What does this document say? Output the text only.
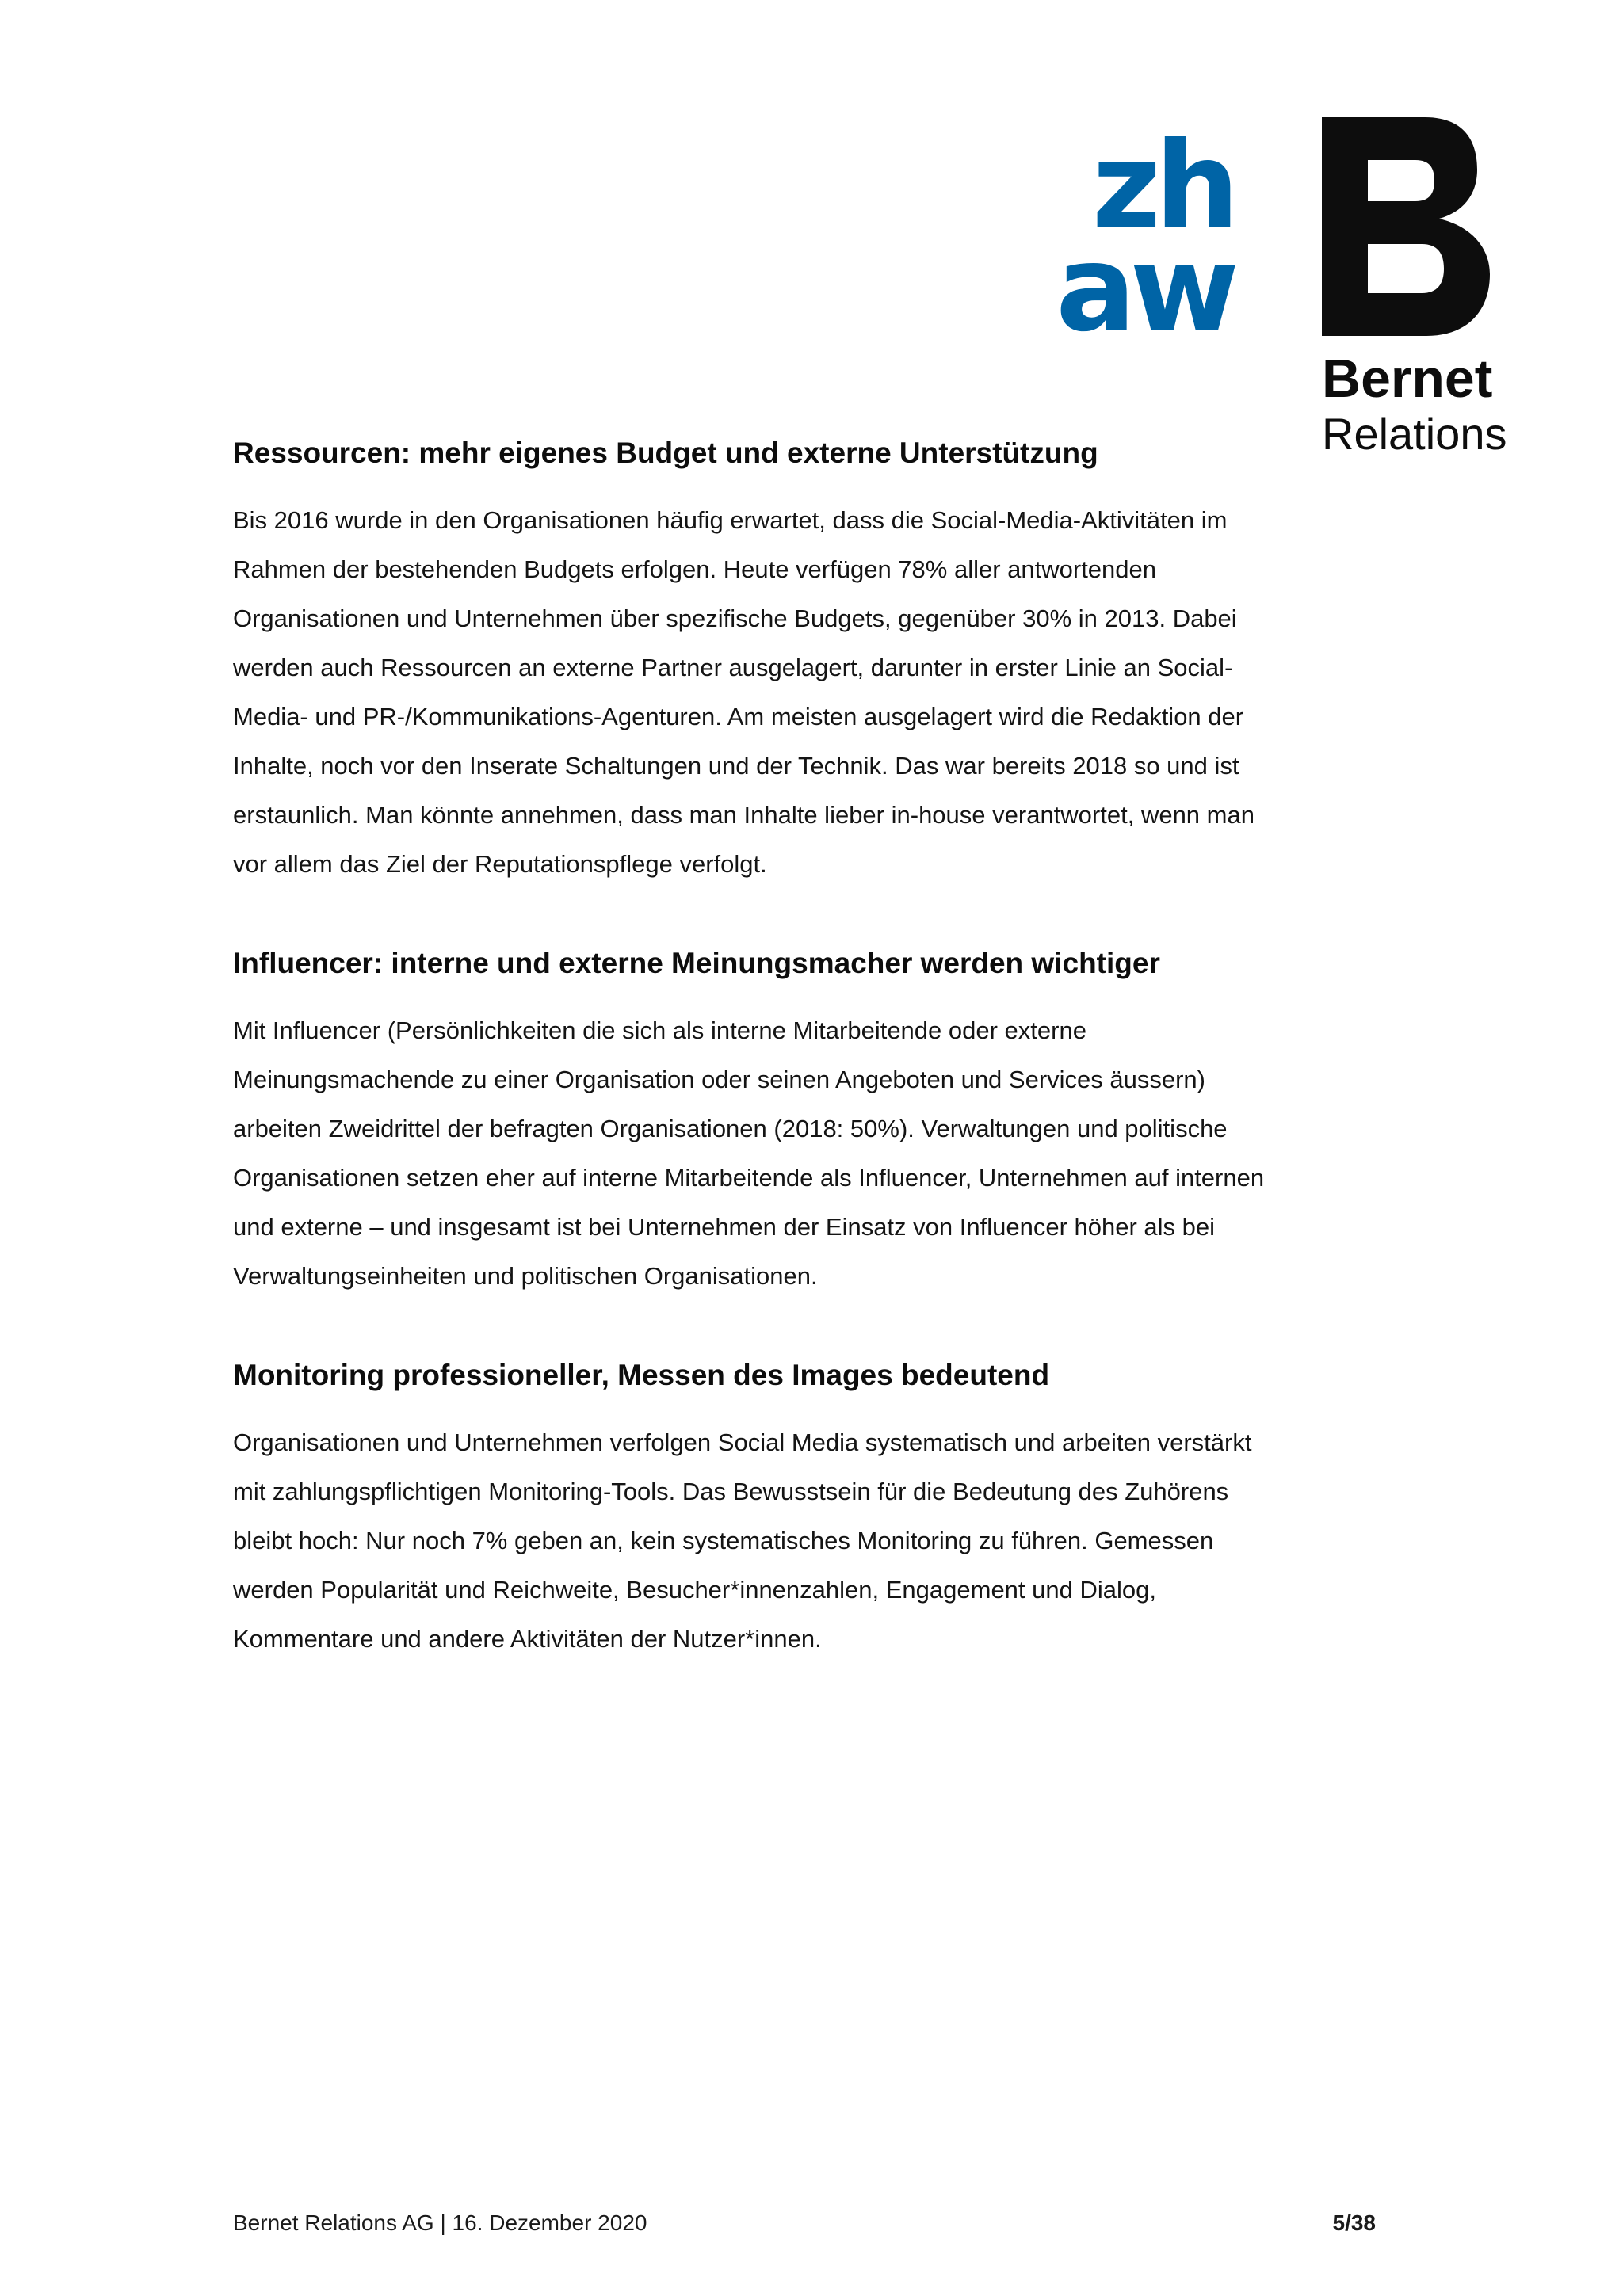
zh
aw
Bernet
Relations
Ressourcen: mehr eigenes Budget und externe Unterstützung

Bis 2016 wurde in den Organisationen häufig erwartet, dass die Social-Media-Aktivitäten im Rahmen der bestehenden Budgets erfolgen. Heute verfügen 78% aller antwortenden Organisationen und Unternehmen über spezifische Budgets, gegenüber 30% in 2013. Dabei werden auch Ressourcen an externe Partner ausgelagert, darunter in erster Linie an Social-Media- und PR-/Kommunikations-Agenturen. Am meisten ausgelagert wird die Redaktion der Inhalte, noch vor den Inserate Schaltungen und der Technik. Das war bereits 2018 so und ist erstaunlich. Man könnte annehmen, dass man Inhalte lieber in-house verantwortet, wenn man vor allem das Ziel der Reputationspflege verfolgt.

Influencer: interne und externe Meinungsmacher werden wichtiger

Mit Influencer (Persönlichkeiten die sich als interne Mitarbeitende oder externe Meinungsmachende zu einer Organisation oder seinen Angeboten und Services äussern) arbeiten Zweidrittel der befragten Organisationen (2018: 50%). Verwaltungen und politische Organisationen setzen eher auf interne Mitarbeitende als Influencer, Unternehmen auf internen und externe – und insgesamt ist bei Unternehmen der Einsatz von Influencer höher als bei Verwaltungseinheiten und politischen Organisationen.

Monitoring professioneller, Messen des Images bedeutend

Organisationen und Unternehmen verfolgen Social Media systematisch und arbeiten verstärkt mit zahlungspflichtigen Monitoring-Tools. Das Bewusstsein für die Bedeutung des Zuhörens bleibt hoch: Nur noch 7% geben an, kein systematisches Monitoring zu führen. Gemessen werden Popularität und Reichweite, Besucher*innenzahlen, Engagement und Dialog, Kommentare und andere Aktivitäten der Nutzer*innen.

Bernet Relations AG | 16. Dezember 2020	5/38
